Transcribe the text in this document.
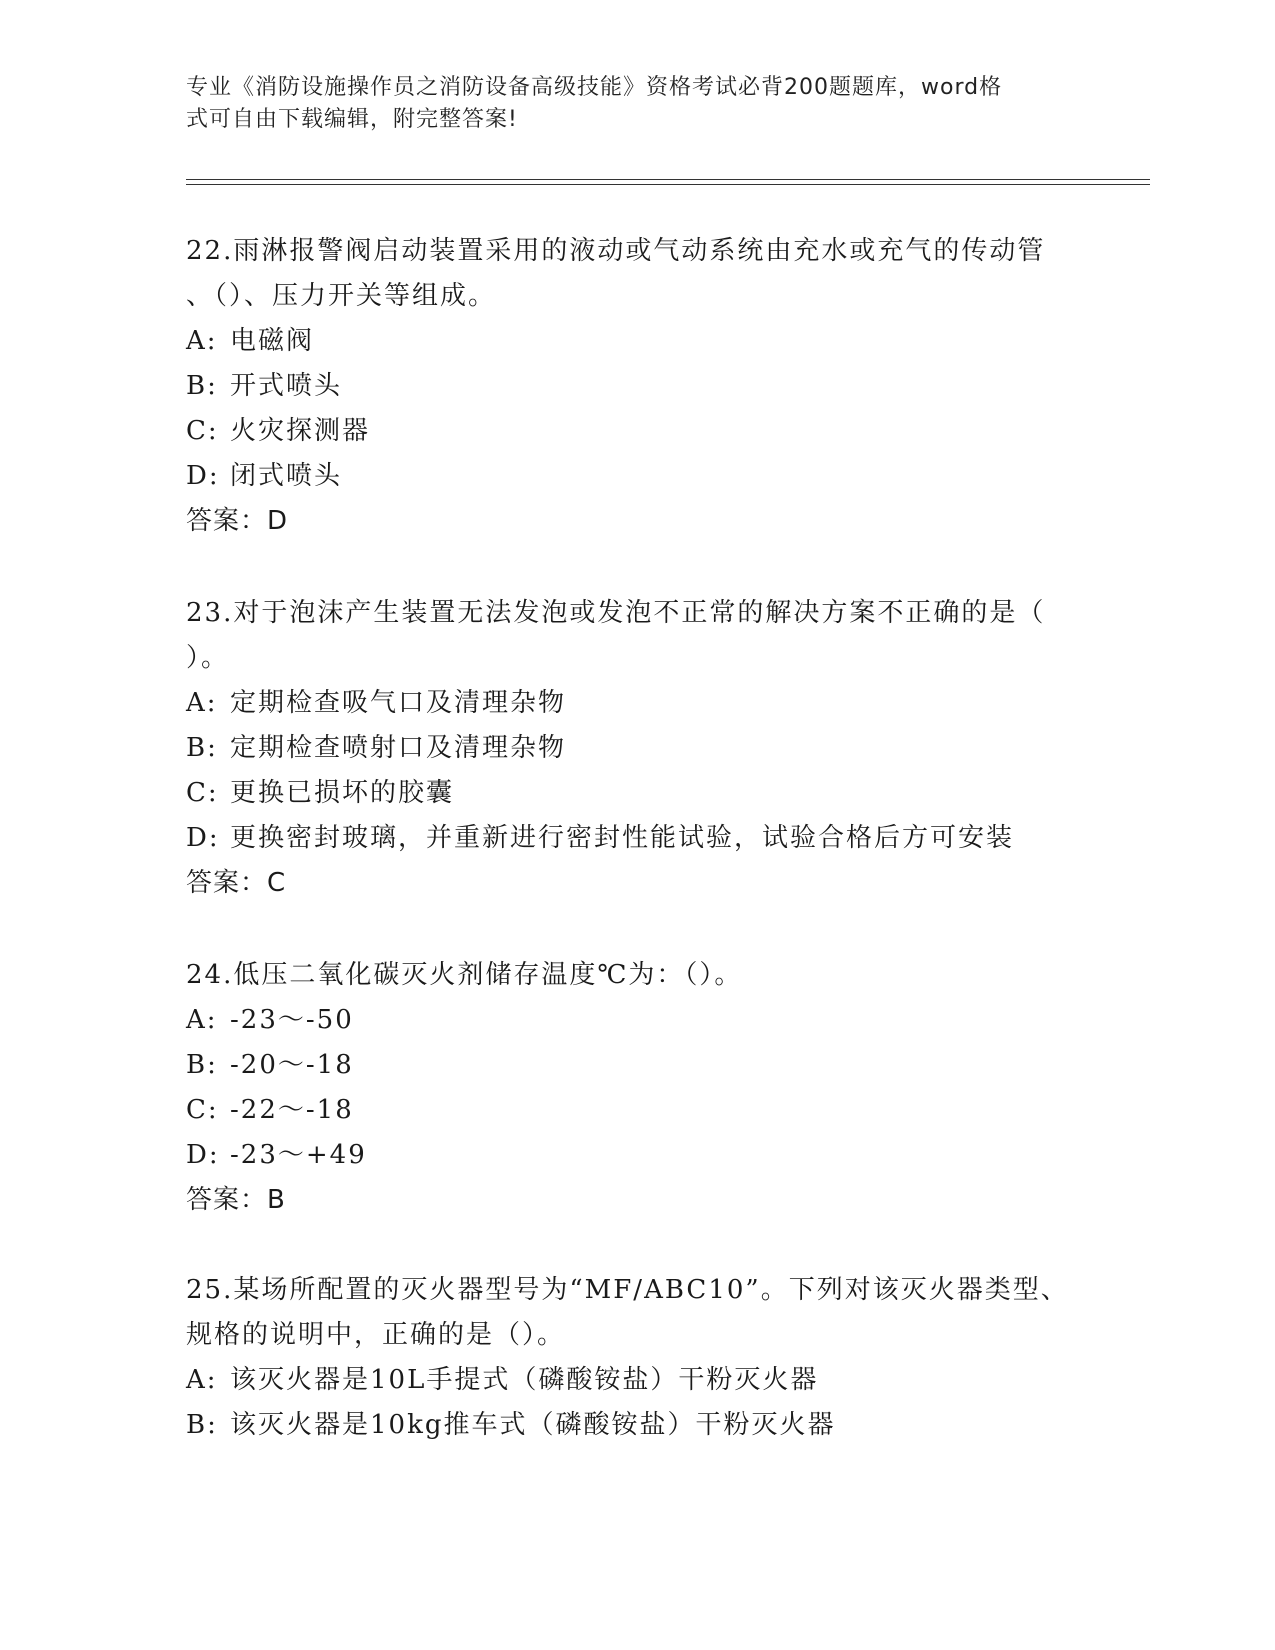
专业《消防设施操作员之消防设备高级技能》资格考试必背200题题库，word格
式可自由下载编辑，附完整答案!

22.雨淋报警阀启动装置采用的液动或气动系统由充水或充气的传动管

、（）、压力开关等组成。

A: 电磁阀

B: 开式喷头

C: 火灾探测器

D: 闭式喷头

答案：D

23.对于泡沫产生装置无法发泡或发泡不正常的解决方案不正确的是（

）。

A: 定期检查吸气口及清理杂物

B: 定期检查喷射口及清理杂物

C: 更换已损坏的胶囊

D: 更换密封玻璃，并重新进行密封性能试验，试验合格后方可安装

答案：C

24.低压二氧化碳灭火剂储存温度℃为：（）。

A: -23～-50

B: -20～-18

C: -22～-18

D: -23～+49

答案：B

25.某场所配置的灭火器型号为“MF/ABC10”。下列对该灭火器类型、

规格的说明中，正确的是（）。

A: 该灭火器是10L手提式（磷酸铵盐）干粉灭火器

B: 该灭火器是10kg推车式（磷酸铵盐）干粉灭火器
